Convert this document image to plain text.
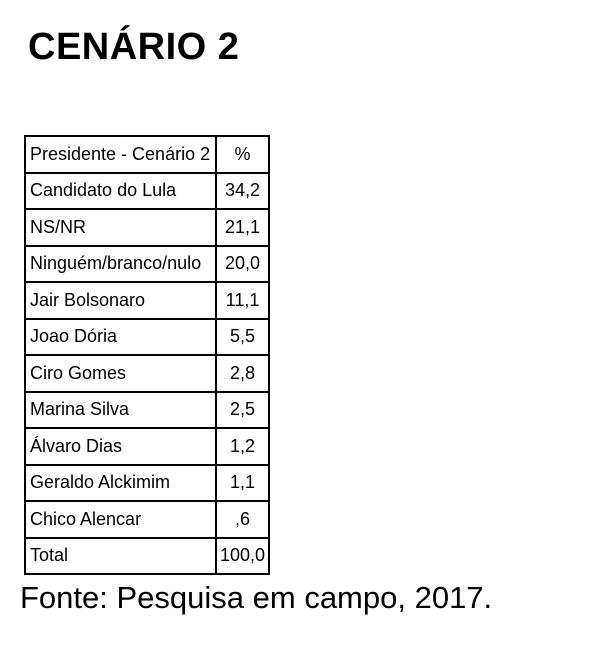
CENÁRIO 2
Presidente - Cenário 2	%
Candidato do Lula	34,2
NS/NR	21,1
Ninguém/branco/nulo	20,0
Jair Bolsonaro	11,1
Joao Dória	5,5
Ciro Gomes	2,8
Marina Silva	2,5
Álvaro Dias	1,2
Geraldo Alckimim	1,1
Chico Alencar	,6
Total	100,0
Fonte: Pesquisa em campo, 2017.
